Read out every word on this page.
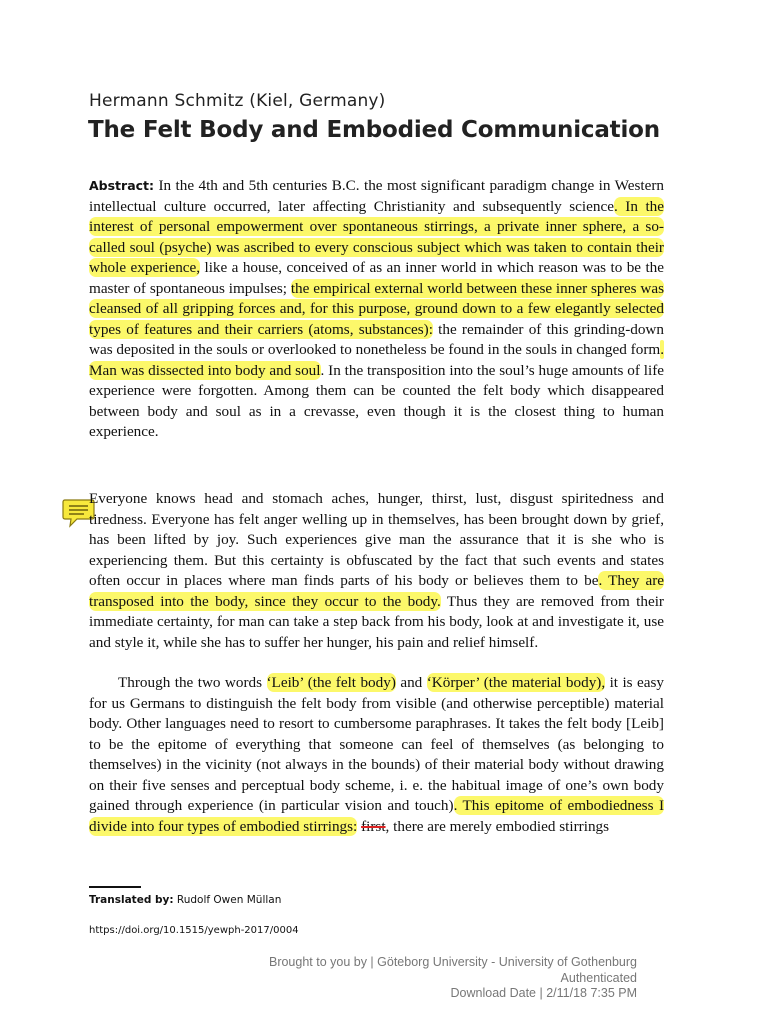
Hermann Schmitz (Kiel, Germany)
The Felt Body and Embodied Communication

Abstract: In the 4th and 5th centuries B.C. the most significant paradigm change in Western intellectual culture occurred, later affecting Christianity and subsequently science. In the interest of personal empowerment over spontaneous stirrings, a private inner sphere, a so-called soul (psyche) was ascribed to every conscious subject which was taken to contain their whole experience, like a house, conceived of as an inner world in which reason was to be the master of spontaneous impulses; the empirical external world between these inner spheres was cleansed of all gripping forces and, for this purpose, ground down to a few elegantly selected types of features and their carriers (atoms, substances): the remainder of this grinding-down was deposited in the souls or overlooked to nonetheless be found in the souls in changed form. Man was dissected into body and soul. In the transposition into the soul’s huge amounts of life experience were forgotten. Among them can be counted the felt body which disappeared between body and soul as in a crevasse, even though it is the closest thing to human experience.

Everyone knows head and stomach aches, hunger, thirst, lust, disgust spiritedness and tiredness. Everyone has felt anger welling up in themselves, has been brought down by grief, has been lifted by joy. Such experiences give man the assurance that it is she who is experiencing them. But this certainty is obfuscated by the fact that such events and states often occur in places where man finds parts of his body or believes them to be. They are transposed into the body, since they occur to the body. Thus they are removed from their immediate certainty, for man can take a step back from his body, look at and investigate it, use and style it, while she has to suffer her hunger, his pain and relief himself.

Through the two words ‘Leib’ (the felt body) and ‘Körper’ (the material body), it is easy for us Germans to distinguish the felt body from visible (and otherwise perceptible) material body. Other languages need to resort to cumbersome paraphrases. It takes the felt body [Leib] to be the epitome of everything that someone can feel of themselves (as belonging to themselves) in the vicinity (not always in the bounds) of their material body without drawing on their five senses and perceptual body scheme, i. e. the habitual image of one’s own body gained through experience (in particular vision and touch). This epitome of embodiedness I divide into four types of embodied stirrings: first, there are merely embodied stirrings

Translated by: Rudolf Owen Müllan
https://doi.org/10.1515/yewph-2017/0004
Brought to you by | Göteborg University - University of Gothenburg
Authenticated
Download Date | 2/11/18 7:35 PM
